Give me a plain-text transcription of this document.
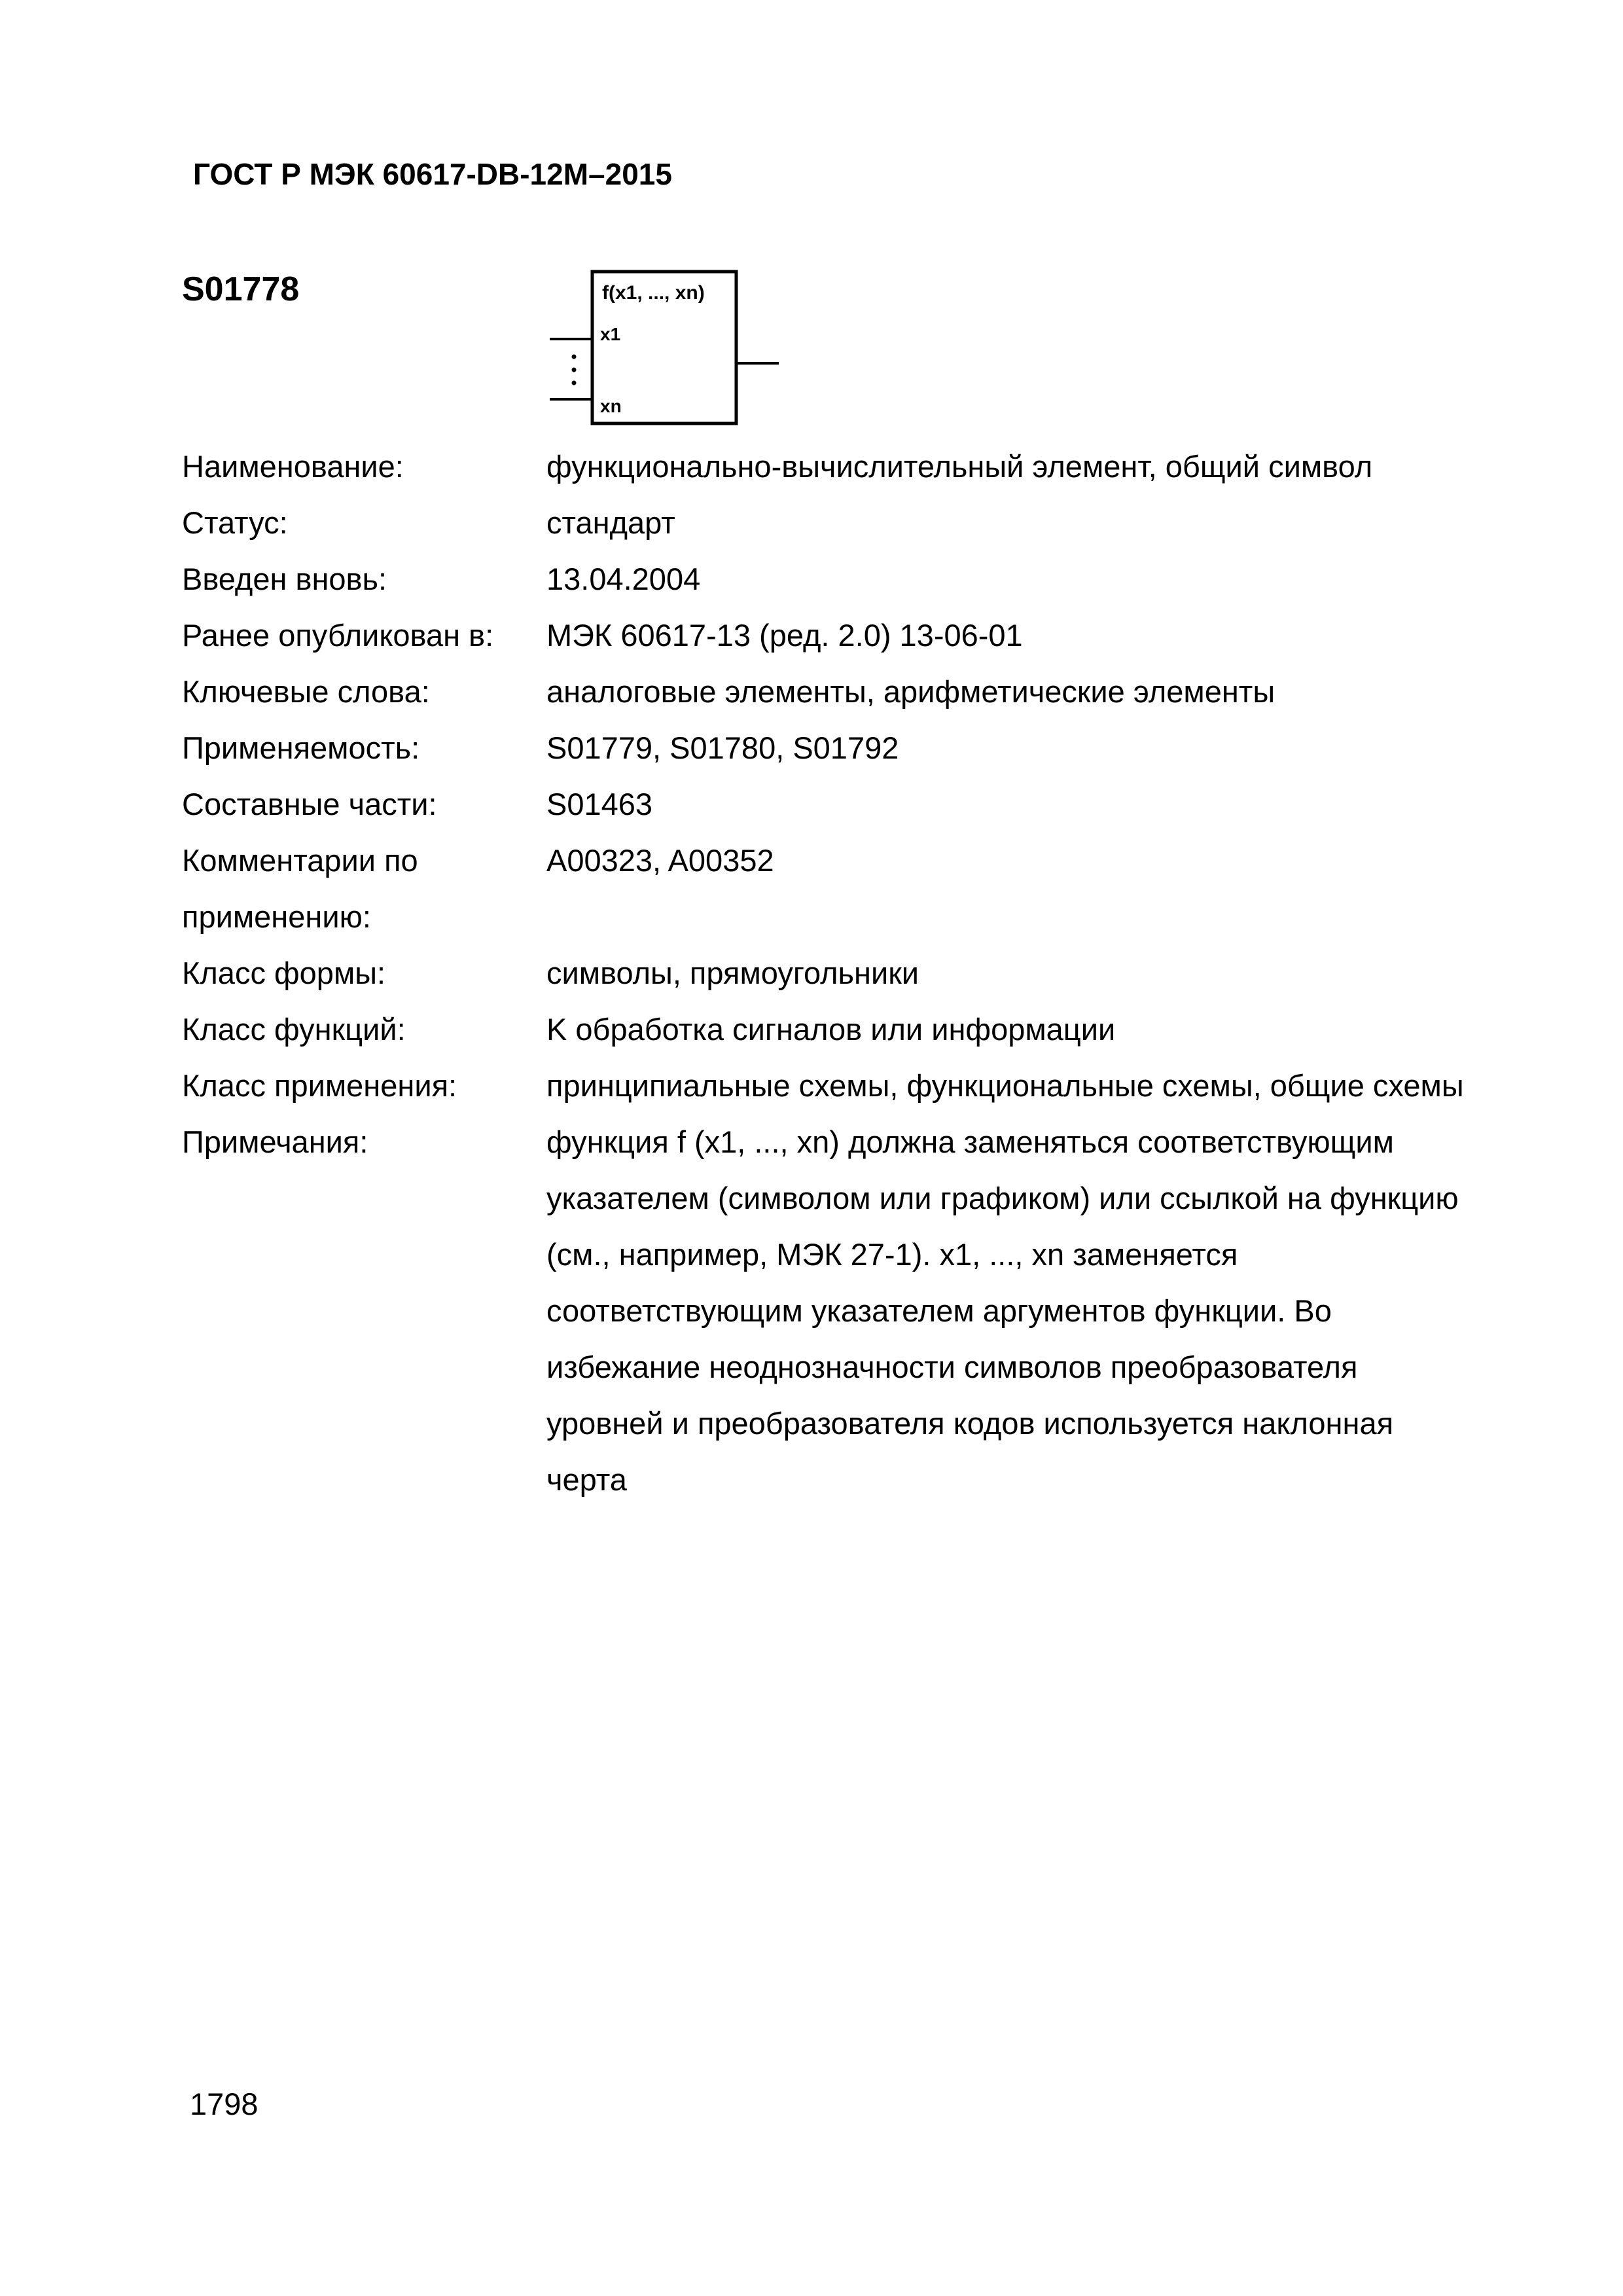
ГОСТ Р МЭК 60617-DB-12M–2015
S01778	f(x1, ..., xn)
x1
xn
Наименование:	функционально-вычислительный элемент, общий символ
Статус:	стандарт
Введен вновь:	13.04.2004
Ранее опубликован в:	МЭК 60617-13 (ред. 2.0) 13-06-01
Ключевые слова:	аналоговые элементы, арифметические элементы
Применяемость:	S01779, S01780, S01792
Составные части:	S01463
Комментарии по применению:
A00323, A00352
Класс формы:	символы, прямоугольники
Класс функций:	K обработка сигналов или информации
Класс применения:	принципиальные схемы, функциональные схемы, общие схемы
Примечания:	функция f (x1, ..., xn) должна заменяться соответствующим указателем (символом или графиком) или ссылкой на функцию (см., например, МЭК 27-1). x1, ..., xn заменяется соответствующим указателем аргументов функции. Во избежание неоднозначности символов преобразователя уровней и преобразователя кодов используется наклонная черта
1798
